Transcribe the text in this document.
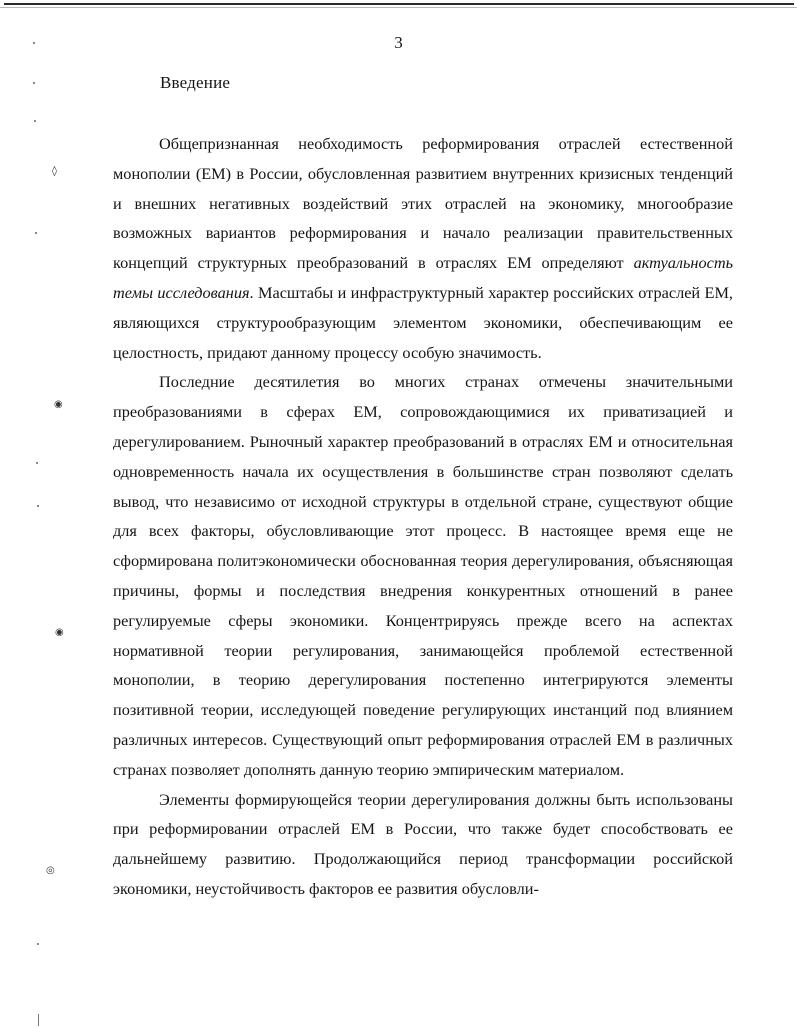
3
Введение

Общепризнанная необходимость реформирования отраслей естественной монополии (ЕМ) в России, обусловленная развитием внутренних кризисных тенденций и внешних негативных воздействий этих отраслей на экономику, многообразие возможных вариантов реформирования и начало реализации правительственных концепций структурных преобразований в отраслях ЕМ определяют актуальность темы исследования. Масштабы и инфраструктурный характер российских отраслей ЕМ, являющихся структурообразующим элементом экономики, обеспечивающим ее целостность, придают данному процессу особую значимость.

Последние десятилетия во многих странах отмечены значительными преобразованиями в сферах ЕМ, сопровождающимися их приватизацией и дерегулированием. Рыночный характер преобразований в отраслях ЕМ и относительная одновременность начала их осуществления в большинстве стран позволяют сделать вывод, что независимо от исходной структуры в отдельной стране, существуют общие для всех факторы, обусловливающие этот процесс. В настоящее время еще не сформирована политэкономически обоснованная теория дерегулирования, объясняющая причины, формы и последствия внедрения конкурентных отношений в ранее регулируемые сферы экономики. Концентрируясь прежде всего на аспектах нормативной теории регулирования, занимающейся проблемой естественной монополии, в теорию дерегулирования постепенно интегрируются элементы позитивной теории, исследующей поведение регулирующих инстанций под влиянием различных интересов. Существующий опыт реформирования отраслей ЕМ в различных странах позволяет дополнять данную теорию эмпирическим материалом.

Элементы формирующейся теории дерегулирования должны быть использованы при реформировании отраслей ЕМ в России, что также будет способствовать ее дальнейшему развитию. Продолжающийся период трансформации российской экономики, неустойчивость факторов ее развития обусловли-

◊
◉
◉
◎
